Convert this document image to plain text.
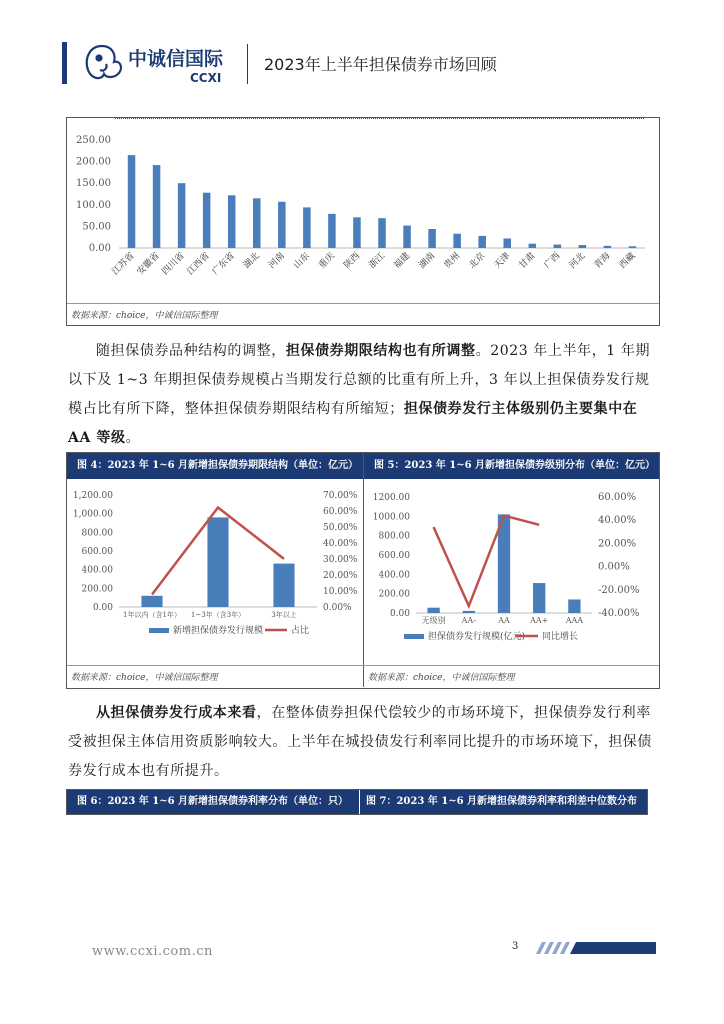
中诚信国际
CCXI
2023年上半年担保债券市场回顾
0.00
50.00
100.00
150.00
200.00
250.00
江苏省
安徽省
四川省
江西省
广东省 湖北 河南 山东 重庆 陕西 浙江 福建 湖南 贵州 北京 天津 甘肃 广西 河北 青海 西藏
数据来源：choice，中诚信国际整理
随担保债券品种结构的调整，担保债券期限结构也有所调整。2023 年上半年，1 年期以下及 1~3 年期担保债券规模占当期发行总额的比重有所上升，3 年以上担保债券发行规模占比有所下降，整体担保债券期限结构有所缩短；担保债券发行主体级别仍主要集中在 AA 等级。
图 4：2023 年 1~6 月新增担保债券期限结构（单位：亿元）	图 5：2023 年 1~6 月新增担保债券级别分布（单位：亿元）
0.00
200.00
400.00
600.00
800.00
1,000.00
1,200.00
0.00%
10.00%
20.00%
30.00%
40.00%
50.00%
60.00%
70.00%
1年以内（含1年） 1~3年（含3年）	3年以上
新增担保债券发行规模	占比
0.00
200.00
400.00
600.00
800.00
1000.00
1200.00
-40.00%
-20.00%
0.00%
20.00%
40.00%
60.00%
无级别 AA-	AA	AA+ AAA
担保债券发行规模(亿元) 同比增长
数据来源：choice，中诚信国际整理	数据来源：choice，中诚信国际整理
从担保债券发行成本来看，在整体债券担保代偿较少的市场环境下，担保债券发行利率受被担保主体信用资质影响较大。上半年在城投债发行利率同比提升的市场环境下，担保债券发行成本也有所提升。
图 6：2023 年 1~6 月新增担保债券利率分布（单位：只）	图 7：2023 年 1~6 月新增担保债券利率和利差中位数分布
www.ccxi.com.cn	3
